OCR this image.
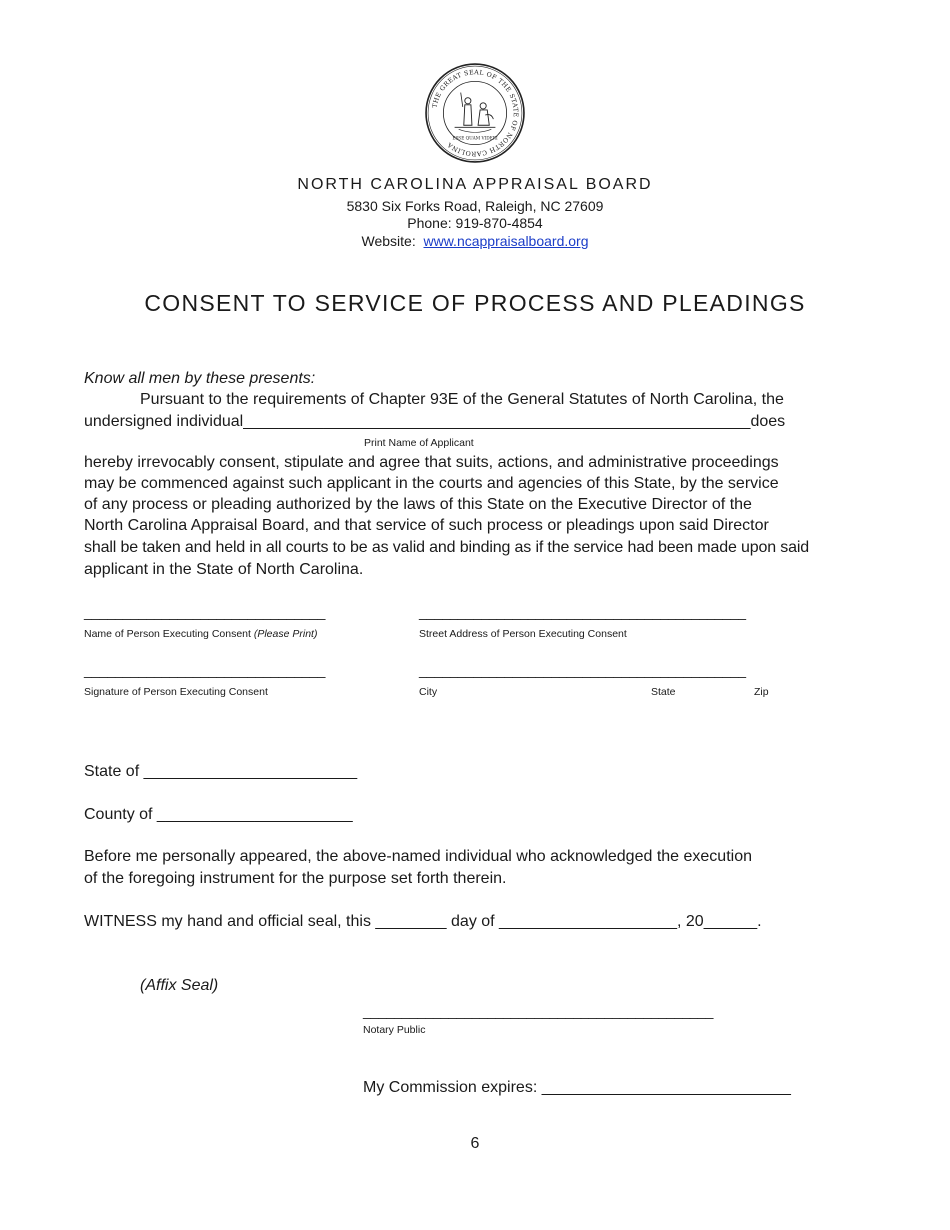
THE GREAT SEAL OF THE STATE OF NORTH CAROLINA
ESSE QUAM VIDERI
NORTH CAROLINA APPRAISAL BOARD
5830 Six Forks Road, Raleigh, NC 27609
Phone: 919-870-4854
Website: www.ncappraisalboard.org
CONSENT TO SERVICE OF PROCESS AND PLEADINGS
Know all men by these presents:
Pursuant to the requirements of Chapter 93E of the General Statutes of North Carolina, the
undersigned individual_________________________________________________________does
Print Name of Applicant
hereby irrevocably consent, stipulate and agree that suits, actions, and administrative proceedings
may be commenced against such applicant in the courts and agencies of this State, by the service
of any process or pleading authorized by the laws of this State on the Executive Director of the
North Carolina Appraisal Board, and that service of such process or pleadings upon said Director
shall be taken and held in all courts to be as valid and binding as if the service had been made upon said
applicant in the State of North Carolina.
_______________________________	__________________________________________
Name of Person Executing Consent (Please Print)	Street Address of Person Executing Consent
_______________________________	__________________________________________
Signature of Person Executing Consent	City	State	Zip
State of ________________________
County of ______________________
Before me personally appeared, the above-named individual who acknowledged the execution
of the foregoing instrument for the purpose set forth therein.
WITNESS my hand and official seal, this ________ day of ____________________, 20______.
(Affix Seal)
_____________________________________________
Notary Public
My Commission expires: ____________________________
6
